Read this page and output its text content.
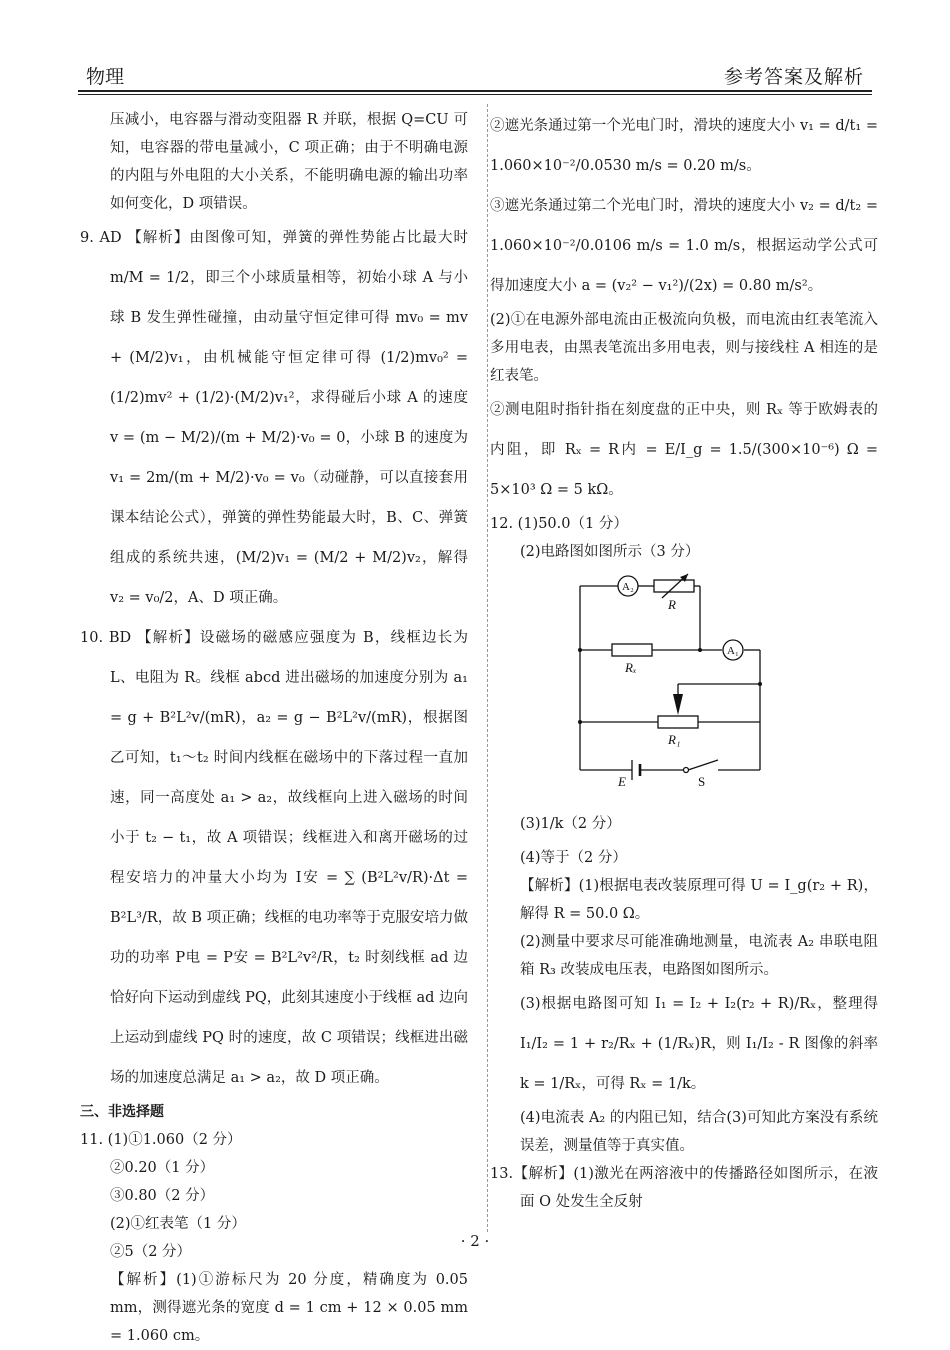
物理	参考答案及解析

压减小，电容器与滑动变阻器 R 并联，根据 Q=CU 可知，电容器的带电量减小，C 项正确；由于不明确电源的内阻与外电阻的大小关系，不能明确电源的输出功率如何变化，D 项错误。

9. AD 【解析】由图像可知，弹簧的弹性势能占比最大时 m/M = 1/2，即三个小球质量相等，初始小球 A 与小球 B 发生弹性碰撞，由动量守恒定律可得 mv₀ = mv + (M/2)v₁，由机械能守恒定律可得 (1/2)mv₀² = (1/2)mv² + (1/2)·(M/2)v₁²，求得碰后小球 A 的速度 v = (m − M/2)/(m + M/2)·v₀ = 0，小球 B 的速度为 v₁ = 2m/(m + M/2)·v₀ = v₀（动碰静，可以直接套用课本结论公式），弹簧的弹性势能最大时，B、C、弹簧组成的系统共速，(M/2)v₁ = (M/2 + M/2)v₂，解得 v₂ = v₀/2，A、D 项正确。

10. BD 【解析】设磁场的磁感应强度为 B，线框边长为 L、电阻为 R。线框 abcd 进出磁场的加速度分别为 a₁ = g + B²L²v/(mR)，a₂ = g − B²L²v/(mR)，根据图乙可知，t₁～t₂ 时间内线框在磁场中的下落过程一直加速，同一高度处 a₁ > a₂，故线框向上进入磁场的时间小于 t₂ − t₁，故 A 项错误；线框进入和离开磁场的过程安培力的冲量大小均为 I安 = ∑ (B²L²v/R)·Δt = B²L³/R，故 B 项正确；线框的电功率等于克服安培力做功的功率 P电 = P安 = B²L²v²/R，t₂ 时刻线框 ad 边恰好向下运动到虚线 PQ，此刻其速度小于线框 ad 边向上运动到虚线 PQ 时的速度，故 C 项错误；线框进出磁场的加速度总满足 a₁ > a₂，故 D 项正确。

三、非选择题

11. (1)①1.060（2 分）

②0.20（1 分）

③0.80（2 分）

(2)①红表笔（1 分）

②5（2 分）

【解析】(1)①游标尺为 20 分度，精确度为 0.05 mm，测得遮光条的宽度 d = 1 cm + 12 × 0.05 mm = 1.060 cm。

②遮光条通过第一个光电门时，滑块的速度大小 v₁ = d/t₁ = 1.060×10⁻²/0.0530 m/s = 0.20 m/s。

③遮光条通过第二个光电门时，滑块的速度大小 v₂ = d/t₂ = 1.060×10⁻²/0.0106 m/s = 1.0 m/s，根据运动学公式可得加速度大小 a = (v₂² − v₁²)/(2x) = 0.80 m/s²。

(2)①在电源外部电流由正极流向负极，而电流由红表笔流入多用电表，由黑表笔流出多用电表，则与接线柱 A 相连的是红表笔。

②测电阻时指针指在刻度盘的正中央，则 Rₓ 等于欧姆表的内阻，即 Rₓ = R内 = E/I_g = 1.5/(300×10⁻⁶) Ω = 5×10³ Ω = 5 kΩ。

12. (1)50.0（1 分）

(2)电路图如图所示（3 分）

A₂
A₁
R
Rₓ
R₁
E	S

(3)1/k（2 分）

(4)等于（2 分）

【解析】(1)根据电表改装原理可得 U = I_g(r₂ + R)，解得 R = 50.0 Ω。

(2)测量中要求尽可能准确地测量，电流表 A₂ 串联电阻箱 R₃ 改装成电压表，电路图如图所示。

(3)根据电路图可知 I₁ = I₂ + I₂(r₂ + R)/Rₓ，整理得 I₁/I₂ = 1 + r₂/Rₓ + (1/Rₓ)R，则 I₁/I₂ - R 图像的斜率 k = 1/Rₓ，可得 Rₓ = 1/k。

(4)电流表 A₂ 的内阻已知，结合(3)可知此方案没有系统误差，测量值等于真实值。

13.【解析】(1)激光在两溶液中的传播路径如图所示，在液面 O 处发生全反射

· 2 ·
